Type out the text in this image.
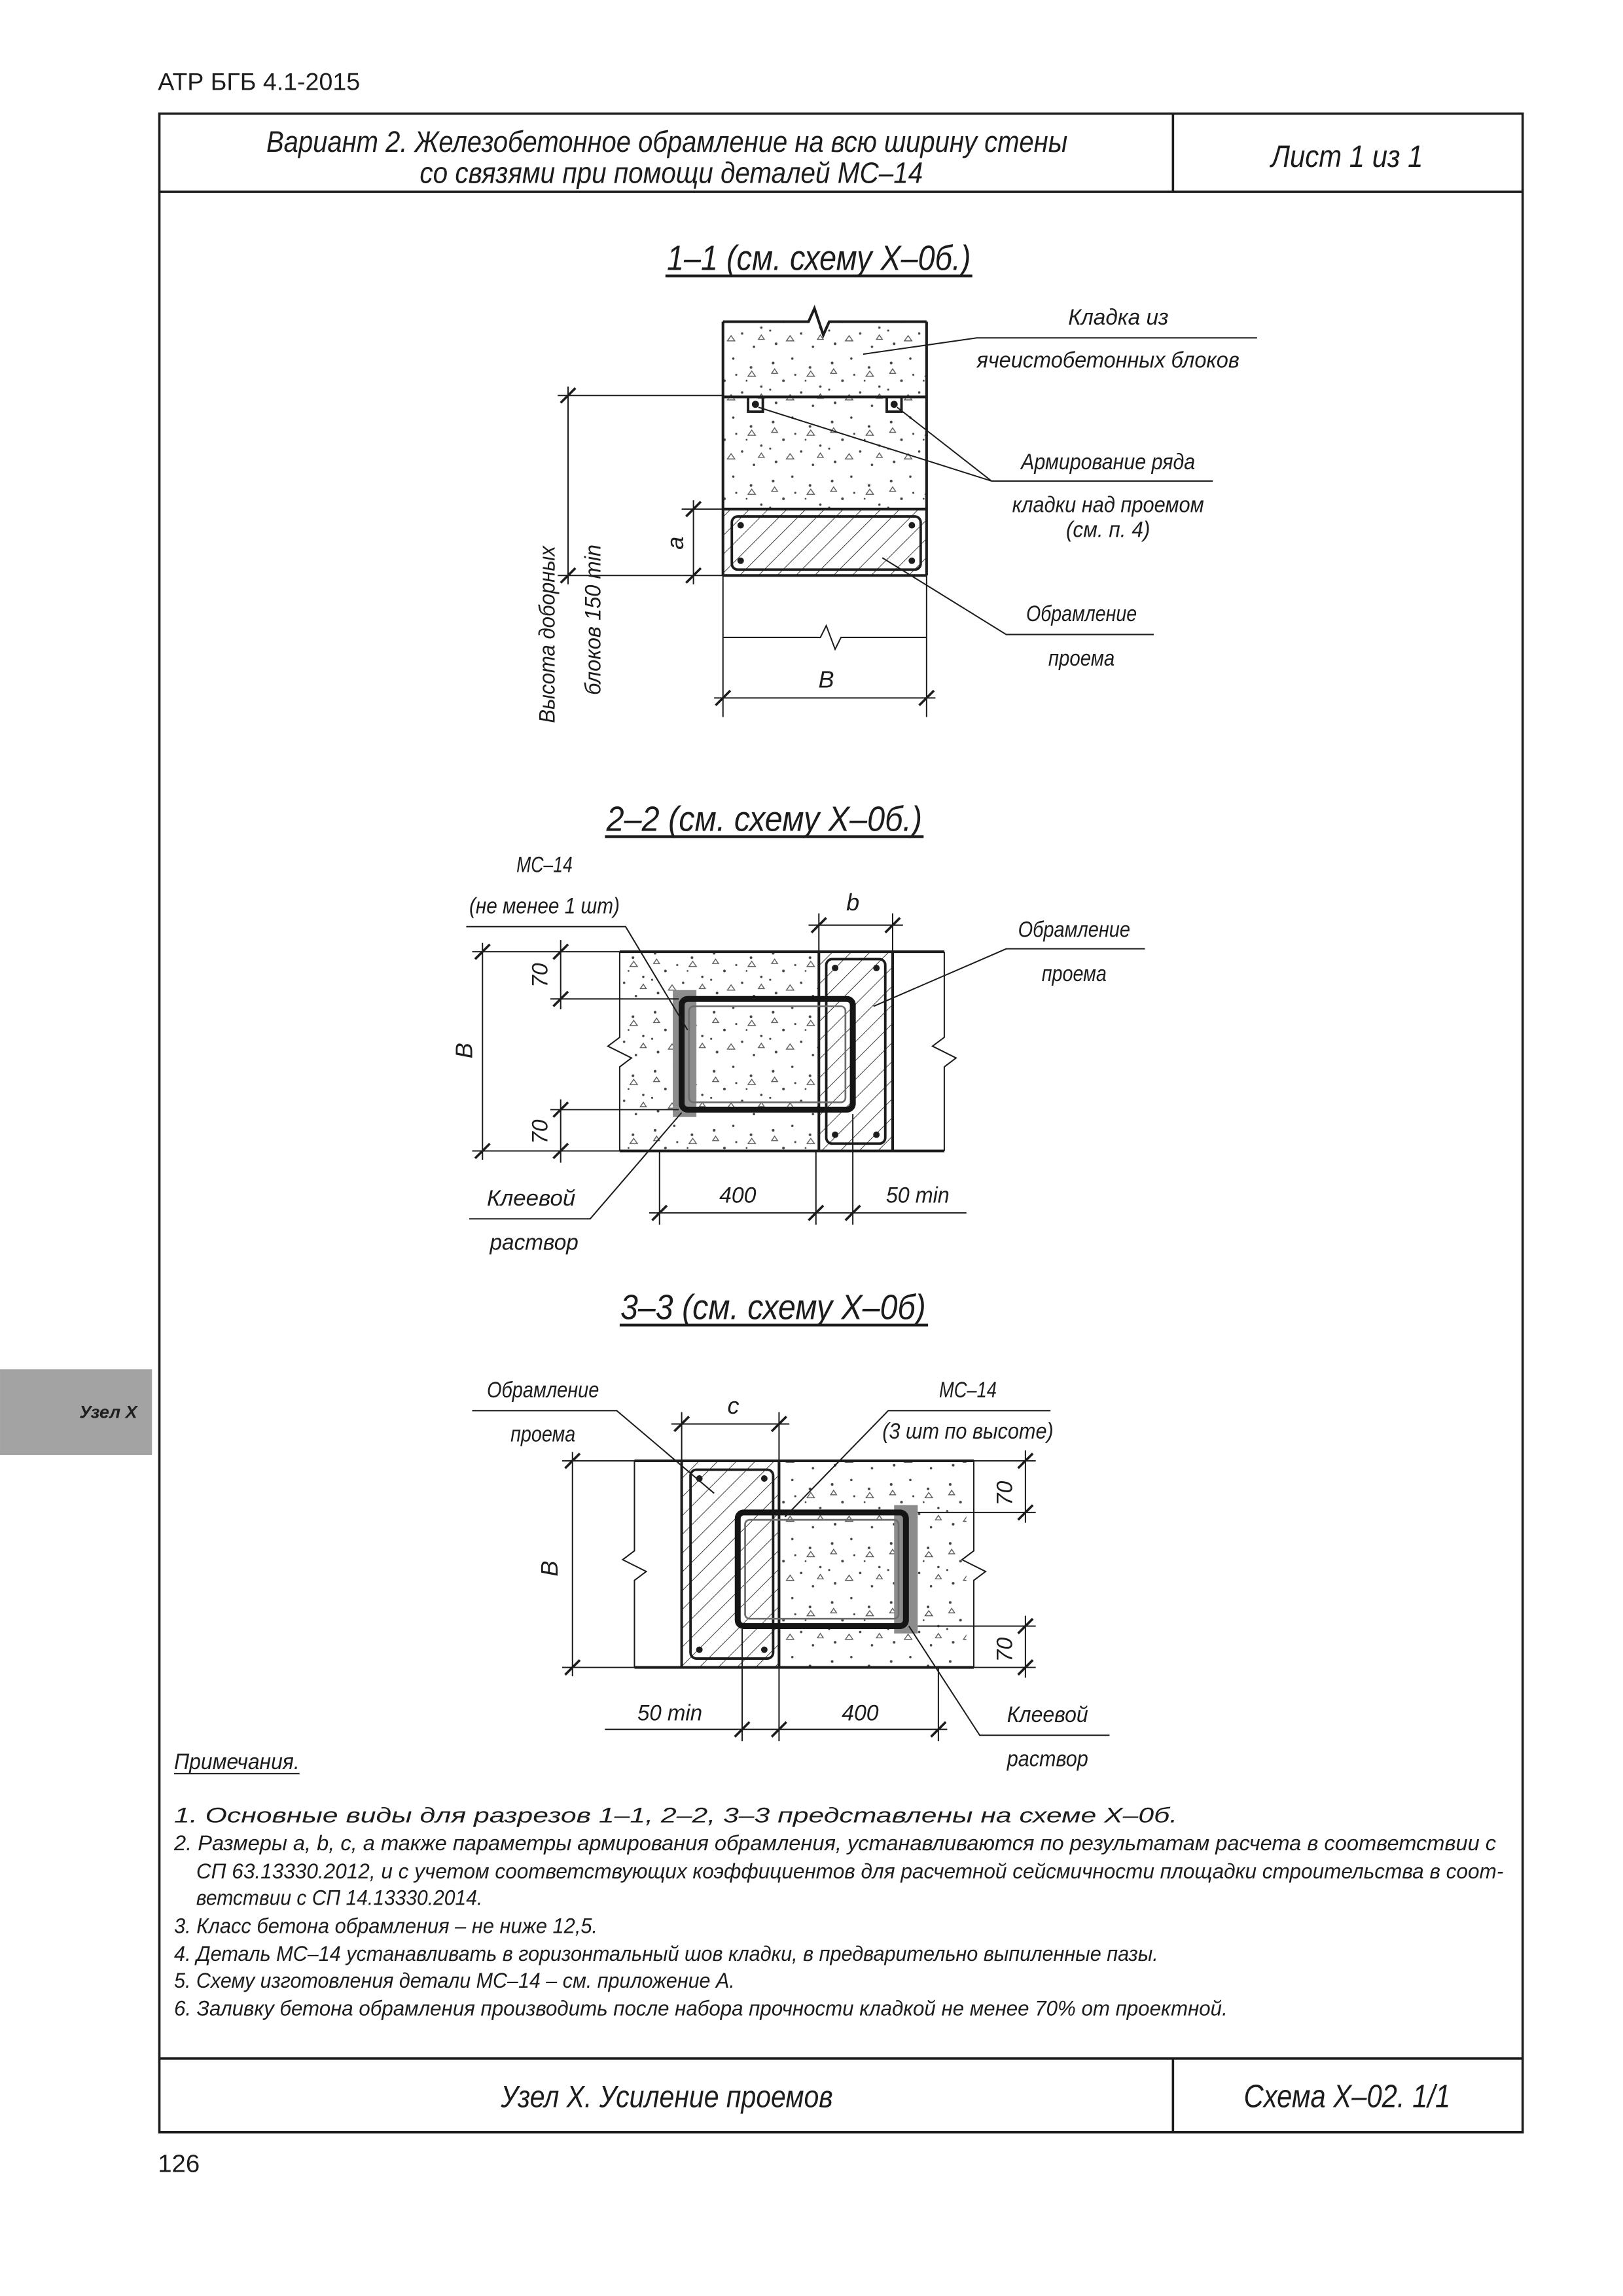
АТР БГБ 4.1-2015
Вариант 2. Железобетонное обрамление на всю ширину стены
со связями при помощи деталей МС–14	Лист 1 из 1
Узел Х. Усиление проемов	Схема Х–02. 1/1
126
Узел Х
1–1 (см. схему Х–0б.)
В
а
Высота доборных блоков 150 min
Кладка из
ячеистобетонных блоков
Армирование ряда
кладки над проемом
(см. п. 4)
Обрамление
проема
2–2 (см. схему Х–0б.)
В
70
70
b
400	50 min
МС–14
(не менее 1 шт)
Обрамление
проема
Клеевой
раствор
3–3 (см. схему Х–0б)
с
В
70
70
50 min	400
Обрамление
проема
МС–14
(3 шт по высоте)
Клеевой
раствор
Примечания.
1. Основные виды для разрезов 1–1, 2–2, 3–3 представлены на схеме Х–0б.
2. Размеры а, b, с, а также параметры армирования обрамления, устанавливаются по результатам расчета в соответствии с
СП 63.13330.2012, и с учетом соответствующих коэффициентов для расчетной сейсмичности площадки строительства в соот-
ветствии с СП 14.13330.2014.
3. Класс бетона обрамления – не ниже 12,5.
4. Деталь МС–14 устанавливать в горизонтальный шов кладки, в предварительно выпиленные пазы.
5. Схему изготовления детали МС–14 – см. приложение А.
6. Заливку бетона обрамления производить после набора прочности кладкой не менее 70% от проектной.
